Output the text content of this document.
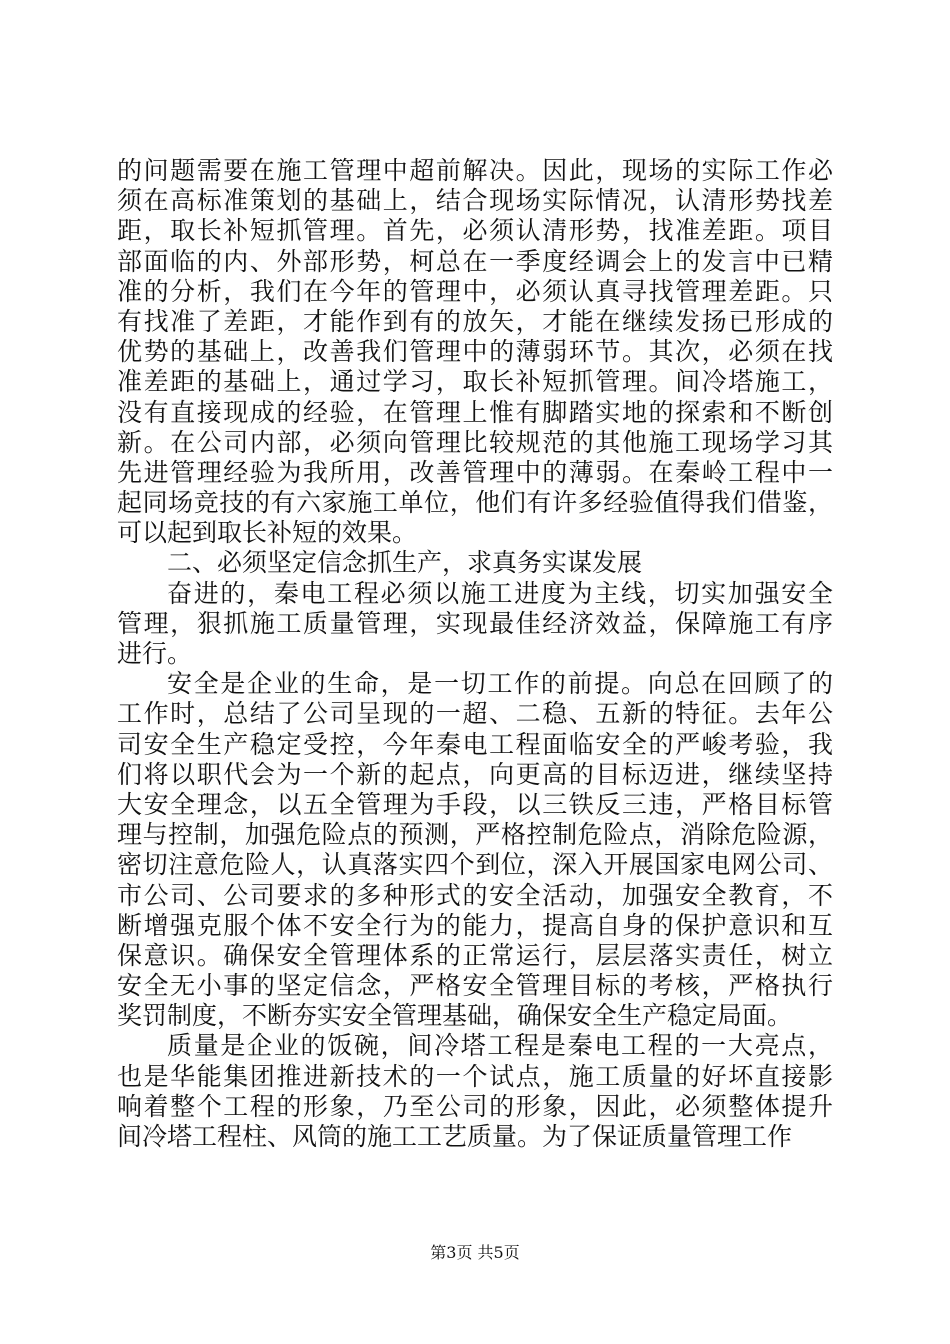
的问题需要在施工管理中超前解决。因此，现场的实际工作必
须在高标准策划的基础上，结合现场实际情况，认清形势找差
距，取长补短抓管理。首先，必须认清形势，找准差距。项目
部面临的内、外部形势，柯总在一季度经调会上的发言中已精
准的分析，我们在今年的管理中，必须认真寻找管理差距。只
有找准了差距，才能作到有的放矢，才能在继续发扬已形成的
优势的基础上，改善我们管理中的薄弱环节。其次，必须在找
准差距的基础上，通过学习，取长补短抓管理。间冷塔施工，
没有直接现成的经验，在管理上惟有脚踏实地的探索和不断创
新。在公司内部，必须向管理比较规范的其他施工现场学习其
先进管理经验为我所用，改善管理中的薄弱。在秦岭工程中一
起同场竞技的有六家施工单位，他们有许多经验值得我们借鉴，
可以起到取长补短的效果。
二、必须坚定信念抓生产，求真务实谋发展
奋进的，秦电工程必须以施工进度为主线，切实加强安全
管理，狠抓施工质量管理，实现最佳经济效益，保障施工有序
进行。
安全是企业的生命，是一切工作的前提。向总在回顾了的
工作时，总结了公司呈现的一超、二稳、五新的特征。去年公
司安全生产稳定受控，今年秦电工程面临安全的严峻考验，我
们将以职代会为一个新的起点，向更高的目标迈进，继续坚持
大安全理念，以五全管理为手段，以三铁反三违，严格目标管
理与控制，加强危险点的预测，严格控制危险点，消除危险源，
密切注意危险人，认真落实四个到位，深入开展国家电网公司、
市公司、公司要求的多种形式的安全活动，加强安全教育，不
断增强克服个体不安全行为的能力，提高自身的保护意识和互
保意识。确保安全管理体系的正常运行，层层落实责任，树立
安全无小事的坚定信念，严格安全管理目标的考核，严格执行
奖罚制度，不断夯实安全管理基础，确保安全生产稳定局面。
质量是企业的饭碗，间冷塔工程是秦电工程的一大亮点，
也是华能集团推进新技术的一个试点，施工质量的好坏直接影
响着整个工程的形象，乃至公司的形象，因此，必须整体提升
间冷塔工程柱、风筒的施工工艺质量。为了保证质量管理工作
第3页 共5页
